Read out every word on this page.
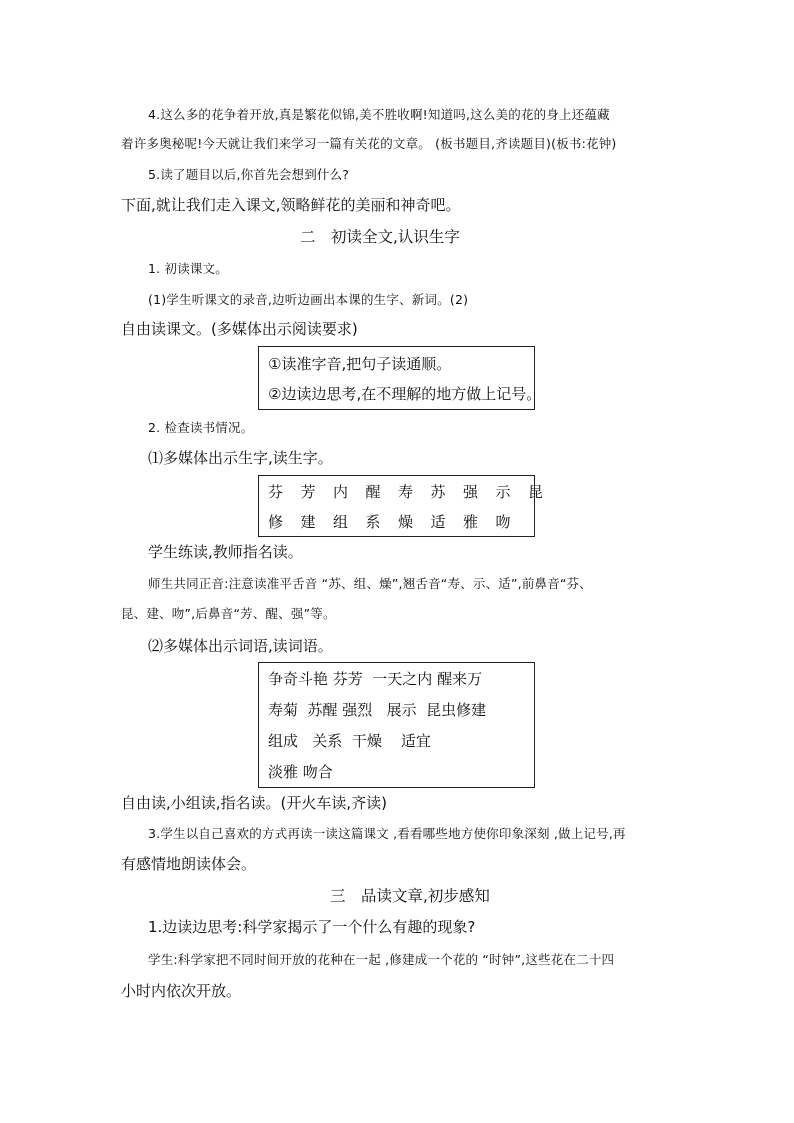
4.这么多的花争着开放,真是繁花似锦,美不胜收啊!知道吗,这么美的花的身上还蕴藏
着许多奥秘呢!今天就让我们来学习一篇有关花的文章。 (板书题目,齐读题目)(板书:花钟)
5.读了题目以后,你首先会想到什么?
下面,就让我们走入课文,领略鲜花的美丽和神奇吧。
二　初读全文,认识生字
1. 初读课文。
(1)学生听课文的录音,边听边画出本课的生字、新词。(2)
自由读课文。(多媒体出示阅读要求)
①读准字音,把句子读通顺。
②边读边思考,在不理解的地方做上记号。
2. 检查读书情况。
⑴多媒体出示生字,读生字。
芬 芳 内 醒 寿 苏 强 示 昆
修 建 组 系 燥 适 雅 吻
学生练读,教师指名读。
师生共同正音:注意读准平舌音 “苏、组、燥”,翘舌音“寿、示、适”,前鼻音“芬、
昆、建、吻”,后鼻音“芳、醒、强”等。
⑵多媒体出示词语,读词语。
争奇斗艳 芬芳  一天之内 醒来万
寿菊  苏醒 强烈   展示  昆虫修建
组成   关系  干燥    适宜
淡雅 吻合
自由读,小组读,指名读。(开火车读,齐读)
3.学生以自己喜欢的方式再读一读这篇课文 ,看看哪些地方使你印象深刻 ,做上记号,再
有感情地朗读体会。
三　品读文章,初步感知
1.边读边思考:科学家揭示了一个什么有趣的现象?
学生:科学家把不同时间开放的花种在一起 ,修建成一个花的 “时钟”,这些花在二十四
小时内依次开放。
